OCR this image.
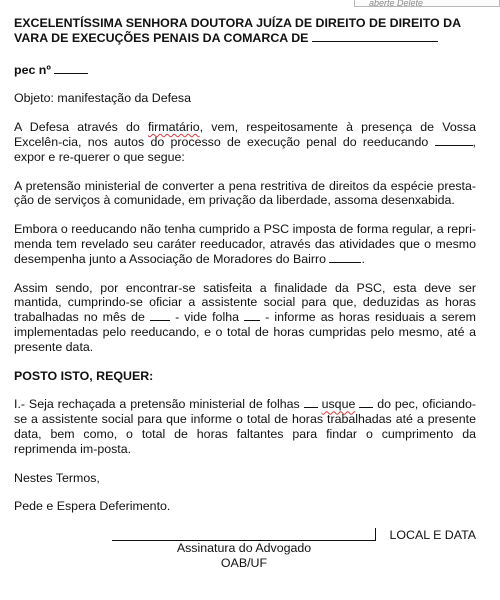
aberte Delete

EXCELENTÍSSIMA SENHORA DOUTORA JUÍZA DE DIREITO DE DIREITO DA
VARA DE EXECUÇÕES PENAIS DA COMARCA DE

pec nº

Objeto: manifestação da Defesa

A Defesa através do firmatário, vem, respeitosamente à presença de Vossa Excelên-cia, nos autos do processo de execução penal do reeducando	, expor e re-querer o que segue:

A pretensão ministerial de converter a pena restritiva de direitos da espécie presta-ção de serviços à comunidade, em privação da liberdade, assoma desenxabida.

Embora o reeducando não tenha cumprido a PSC imposta de forma regular, a repri-menda tem revelado seu caráter reeducador, através das atividades que o mesmo desempenha junto a Associação de Moradores do Bairro	.

Assim sendo, por encontrar-se satisfeita a finalidade da PSC, esta deve ser mantida, cumprindo-se oficiar a assistente social para que, deduzidas as horas trabalhadas no mês de  - vide folha  - informe as horas residuais a serem implementadas pelo reeducando, e o total de horas cumpridas pelo mesmo, até a presente data.

POSTO ISTO, REQUER:

I.- Seja rechaçada a pretensão ministerial de folhas  usque  do pec, oficiando-se a assistente social para que informe o total de horas trabalhadas até a presente data, bem como, o total de horas faltantes para findar o cumprimento da reprimenda im-posta.

Nestes Termos,

Pede e Espera Deferimento.

LOCAL E DATA

Assinatura do Advogado
OAB/UF
